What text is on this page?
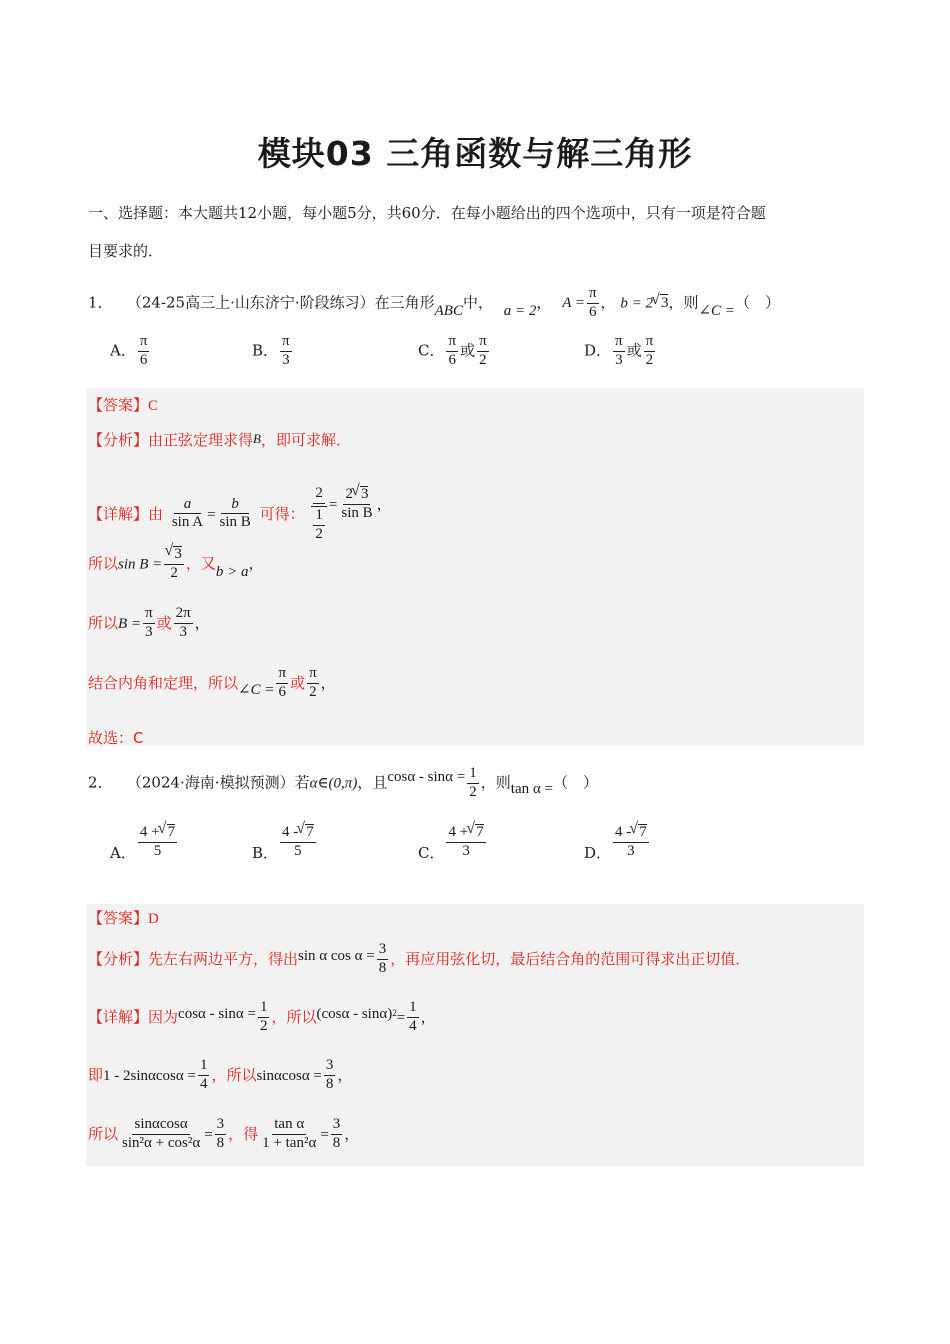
模块03 三角函数与解三角形
一、选择题：本大题共12小题，每小题5分，共60分．在每小题给出的四个选项中，只有一项是符合题
目要求的．
1． （24-25高三上·山东济宁·阶段练习）在三角形ABC中， a = 2， $A = \frac{\pi}{6}$ ， b = 2 √ 3，则∠C =（　）
A． $\frac{\pi}{6}$	B． $\frac{\pi}{3}$	C． $\frac{\pi}{6}$ 或 $\frac{\pi}{2}$	D． $\frac{\pi}{3}$ 或 $\frac{\pi}{2}$
【答案】C
【分析】由正弦定理求得B，即可求解．
【详解】由 $\frac{a}{\text{sin A}} = \frac{b}{\text{sin B}}$ 可得： $\frac{2}{\frac{1}{2}} = \frac{2 √ 3}{\text{sin B}}$ ，
所以sin B = √ $\frac{3}{2}$ ，又b > a，
所以$B = \frac{\pi}{3}$ 或 $\frac{2\pi}{3}$ ，
结合内角和定理，所以∠C = $\frac{\pi}{6}$ 或 $\frac{\pi}{2}$ ，
故选：C
2． （2024·海南·模拟预测）若α∈(0,π)，且$\cos\alpha - \sin\alpha = \frac{1}{2}$ ，则tan α =（　）
A． $\frac{4 + √ 7}{5}$	B． $\frac{4 - √ 7}{5}$	C． $\frac{4 + √ 7}{3}$	D． $\frac{4 - √ 7}{3}$
【答案】D
【分析】先左右两边平方，得出sin α $\cos \alpha = \frac{3}{8}$ ，再应用弦化切，最后结合角的范围可得求出正切值．
【详解】因为$\cos\alpha - \sin\alpha = \frac{1}{2}$ ，所以$(\cos\alpha - \sin\alpha)^2= \frac{1}{4}$ ，
即$1 - 2\sin\alpha\cos\alpha = \frac{1}{4}$ ，所以$\sin\alpha\cos\alpha = \frac{3}{8}$ ，
所以 $\frac{\sin\alpha\cos\alpha}{\text{sin²α + cos²α}} = \frac{3}{8}$ ，得 $\frac{\text{tan α}}{\text{1 + tan²α}} = \frac{3}{8}$ ，
